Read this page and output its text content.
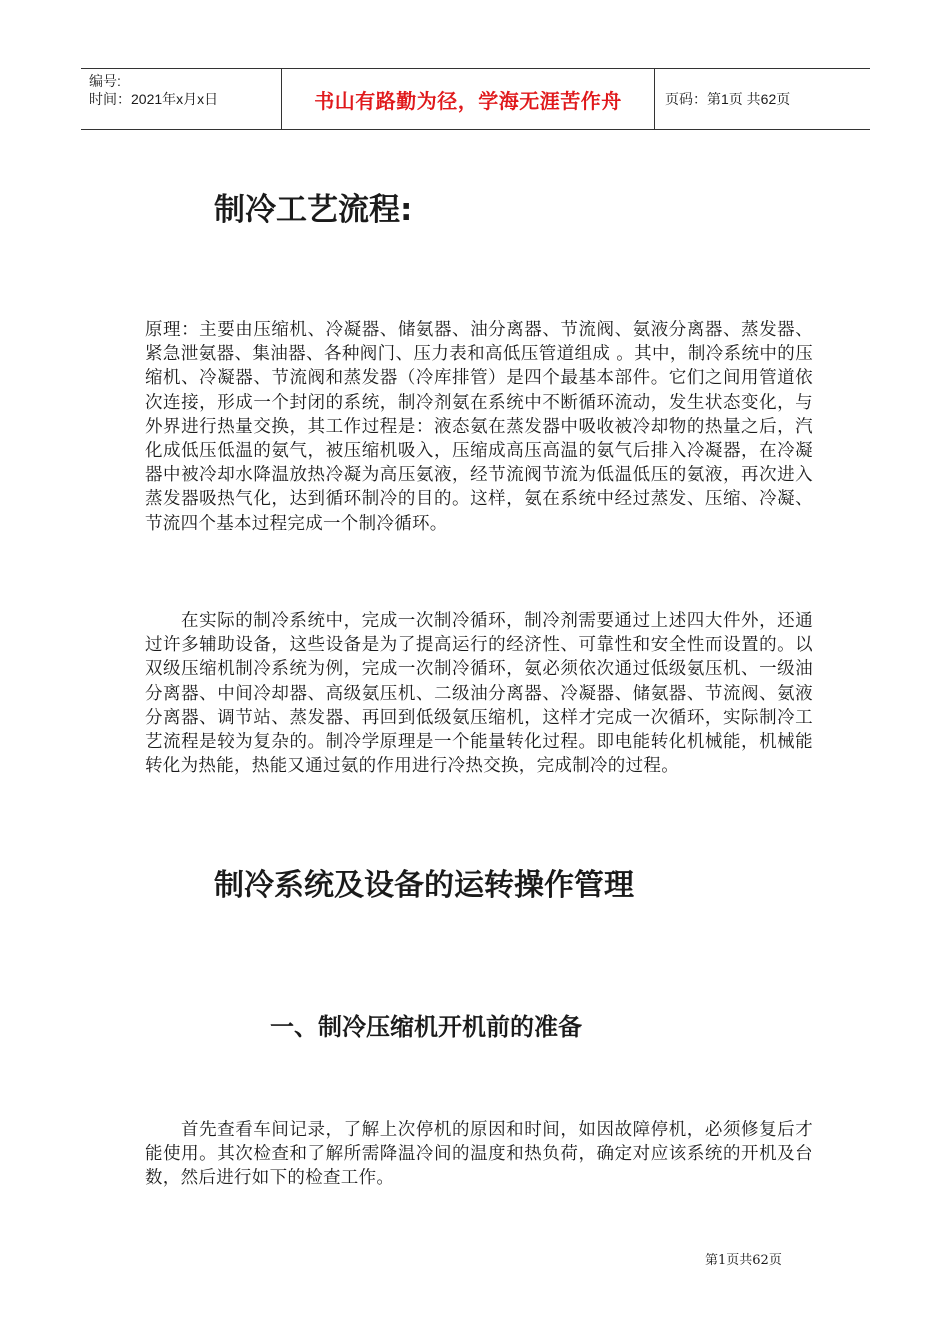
编号:
时间：2021年x月x日	书山有路勤为径，学海无涯苦作舟	页码：第1页 共62页
制冷工艺流程:

原理：主要由压缩机、冷凝器、储氨器、油分离器、节流阀、氨液分离器、蒸发器、 紧急泄氨器、集油器、各种阀门、压力表和高低压管道组成 。其中，制冷系统中的压缩机、冷凝器、节流阀和蒸发器（冷库排管）是四个最基本部件。它们之间用管道依次连接，形成一个封闭的系统，制冷剂氨在系统中不断循环流动，发生状态变化，与外界进行热量交换，其工作过程是：液态氨在蒸发器中吸收被冷却物的热量之后，汽化成低压低温的氨气，被压缩机吸入，压缩成高压高温的氨气后排入冷凝器，在冷凝器中被冷却水降温放热冷凝为高压氨液，经节流阀节流为低温低压的氨液，再次进入蒸发器吸热气化，达到循环制冷的目的。这样，氨在系统中经过蒸发、压缩、冷凝、节流四个基本过程完成一个制冷循环。

在实际的制冷系统中，完成一次制冷循环，制冷剂需要通过上述四大件外，还通过许多辅助设备，这些设备是为了提高运行的经济性、可靠性和安全性而设置的。以双级压缩机制冷系统为例，完成一次制冷循环，氨必须依次通过低级氨压机、一级油分离器、中间冷却器、高级氨压机、二级油分离器、冷凝器、储氨器、节流阀、氨液分离器、调节站、蒸发器、再回到低级氨压缩机，这样才完成一次循环，实际制冷工艺流程是较为复杂的。制冷学原理是一个能量转化过程。即电能转化机械能，机械能转化为热能，热能又通过氨的作用进行冷热交换，完成制冷的过程。

制冷系统及设备的运转操作管理
一、制冷压缩机开机前的准备

首先查看车间记录，了解上次停机的原因和时间，如因故障停机，必须修复后才能使用。其次检查和了解所需降温冷间的温度和热负荷，确定对应该系统的开机及台数，然后进行如下的检查工作。

第1页共62页
